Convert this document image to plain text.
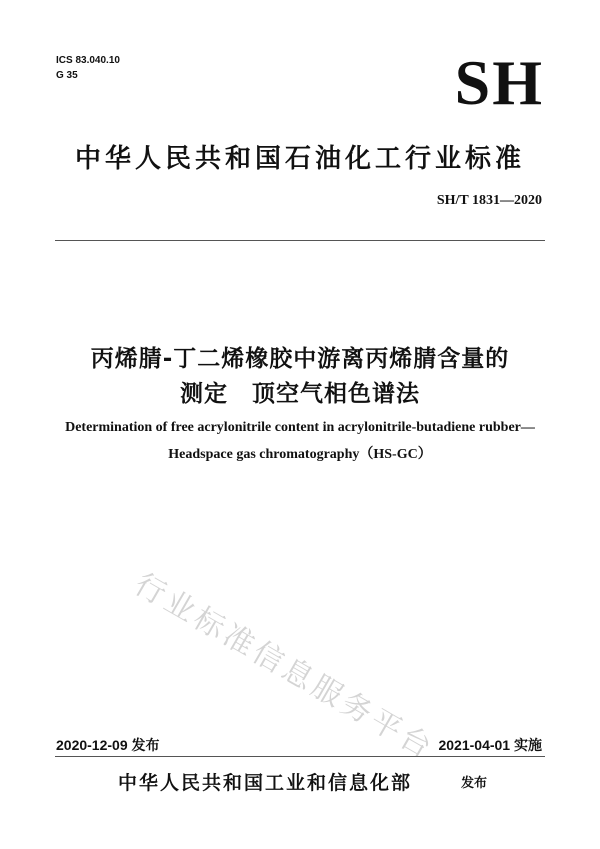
ICS 83.040.10
G 35	SH
中华人民共和国石油化工行业标准
SH/T 1831—2020
丙烯腈-丁二烯橡胶中游离丙烯腈含量的
测定　顶空气相色谱法
Determination of free acrylonitrile content in acrylonitrile-butadiene rubber—
Headspace gas chromatography（HS-GC）
行业标准信息服务平台
2020-12-09 发布	2021-04-01 实施
中华人民共和国工业和信息化部	发布
